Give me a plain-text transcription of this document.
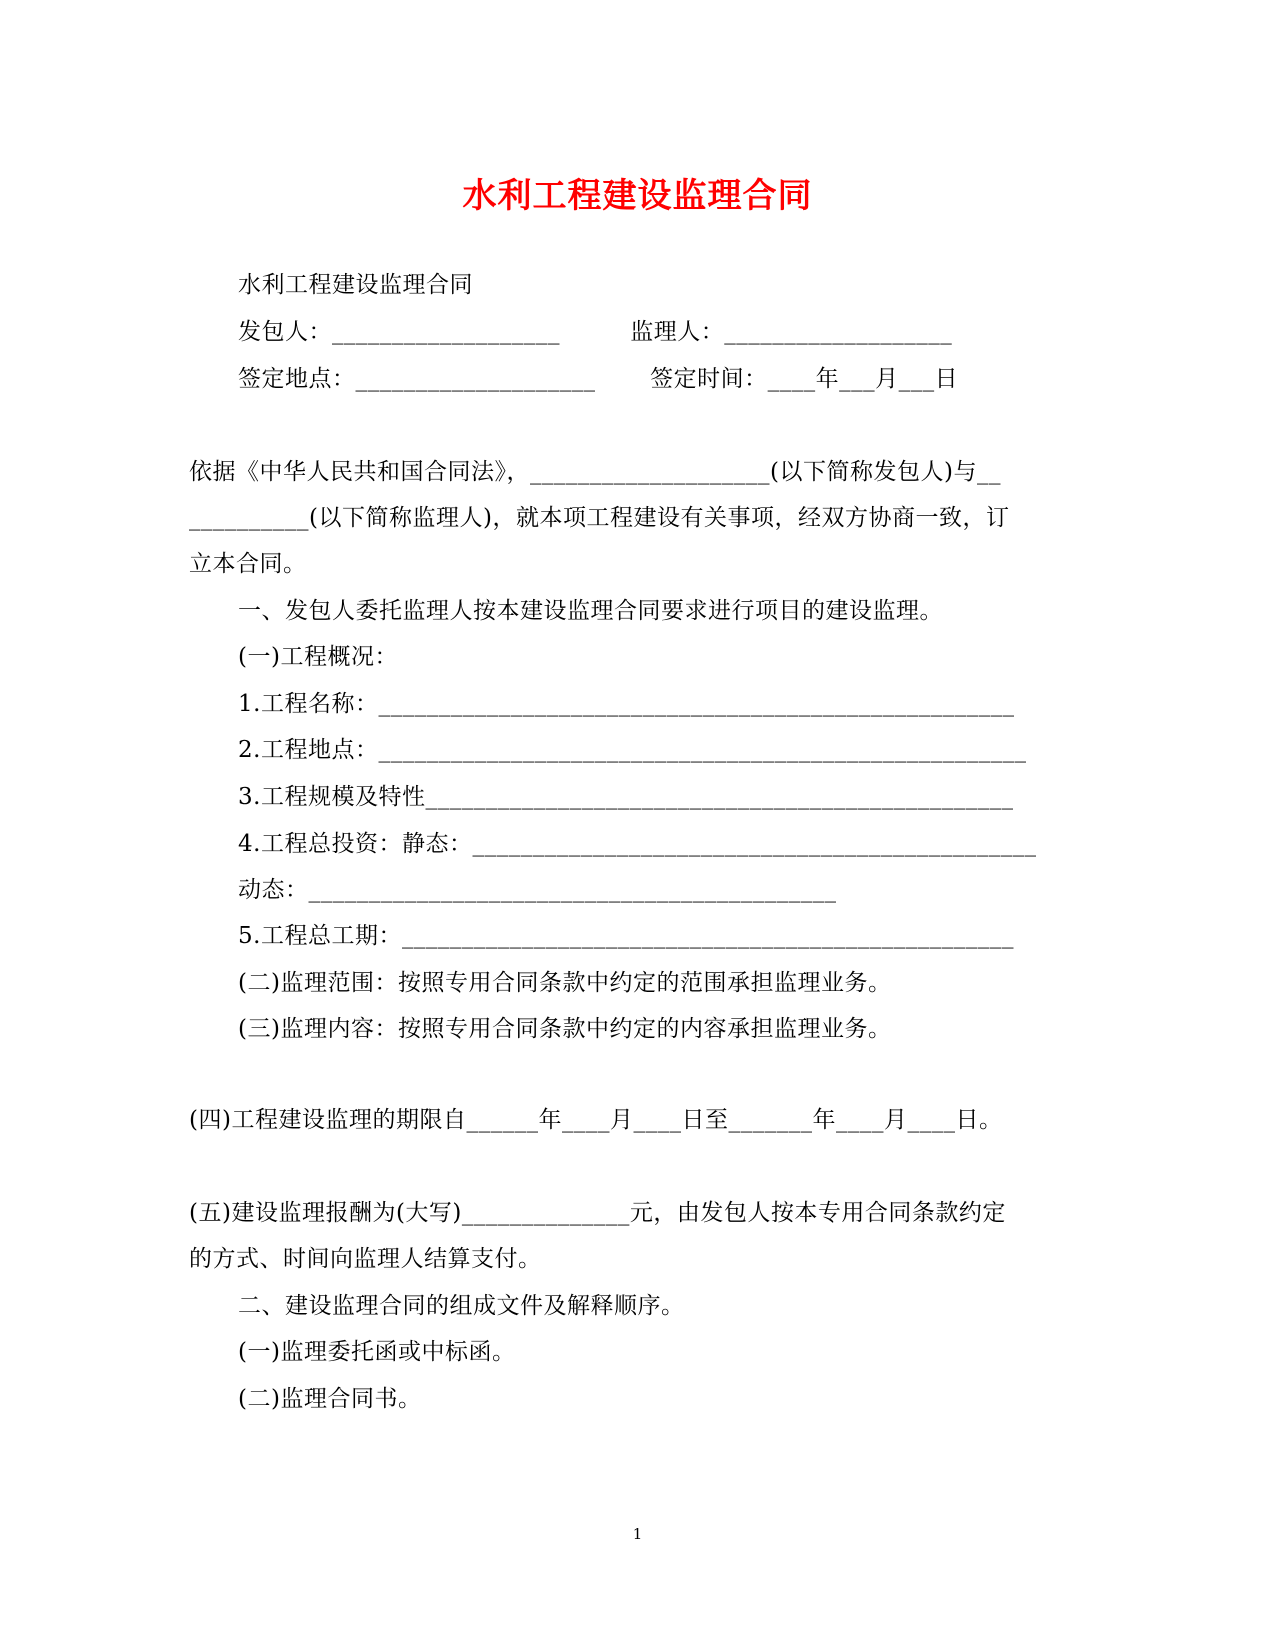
水利工程建设监理合同
水利工程建设监理合同
发包人：___________________         监理人：___________________
签定地点：____________________       签定时间：____年___月___日
依据《中华人民共和国合同法》，____________________(以下简称发包人)与__
__________(以下简称监理人)，就本项工程建设有关事项，经双方协商一致，订
立本合同。
一、发包人委托监理人按本建设监理合同要求进行项目的建设监理。
(一)工程概况：
1.工程名称：_____________________________________________________
2.工程地点：______________________________________________________
3.工程规模及特性_________________________________________________
4.工程总投资：静态：_______________________________________________
动态：____________________________________________
5.工程总工期：___________________________________________________
(二)监理范围：按照专用合同条款中约定的范围承担监理业务。
(三)监理内容：按照专用合同条款中约定的内容承担监理业务。
(四)工程建设监理的期限自______年____月____日至_______年____月____日。
(五)建设监理报酬为(大写)______________元，由发包人按本专用合同条款约定
的方式、时间向监理人结算支付。
二、建设监理合同的组成文件及解释顺序。
(一)监理委托函或中标函。
(二)监理合同书。
1
